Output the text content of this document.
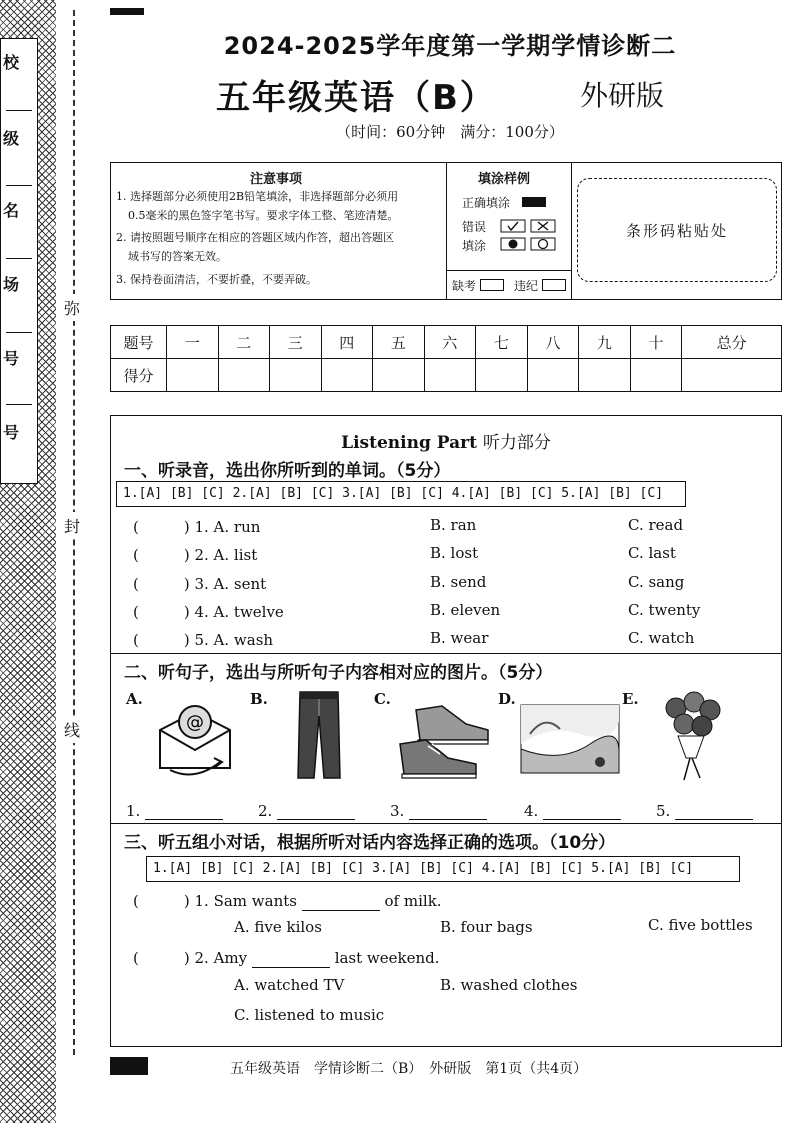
校
级
名
场
号
号
弥
封
线
2024-2025学年度第一学期学情诊断二
五年级英语（B）	外研版
（时间：60分钟　满分：100分）
注意事项
1. 选择题部分必须使用2B铅笔填涂，非选择题部分必须用
0.5毫米的黑色签字笔书写。要求字体工整、笔迹清楚。
2. 请按照题号顺序在相应的答题区域内作答，超出答题区
域书写的答案无效。
3. 保持卷面清洁，不要折叠，不要弄破。
填涂样例
正确填涂
错误
填涂
缺考	违纪
条形码粘贴处
题号	一	二	三	四	五	六	七	八	九	十	总分
得分											
Listening Part 听力部分
一、听录音，选出你所听到的单词。（5分）
1.[A] [B] [C] 2.[A] [B] [C] 3.[A] [B] [C] 4.[A] [B] [C] 5.[A] [B] [C]
(　　　) 1. A. run	B. ran	C. read
(　　　) 2. A. list	B. lost	C. last
(　　　) 3. A. sent	B. send	C. sang
(　　　) 4. A. twelve	B. eleven	C. twenty
(　　　) 5. A. wash	B. wear	C. watch
二、听句子，选出与所听句子内容相对应的图片。（5分）
A.
@
B.	C.	D.	E.
1.	2.	3.	4.	5.
三、听五组小对话，根据所听对话内容选择正确的选项。（10分）
1.[A] [B] [C] 2.[A] [B] [C] 3.[A] [B] [C] 4.[A] [B] [C] 5.[A] [B] [C]
(　　　) 1. Sam wants	of milk.
A. five kilos	B. four bags	C. five bottles
(　　　) 2. Amy	last weekend.
A. watched TV	B. washed clothes
C. listened to music
五年级英语　学情诊断二（B）　外研版　第1页（共4页）
